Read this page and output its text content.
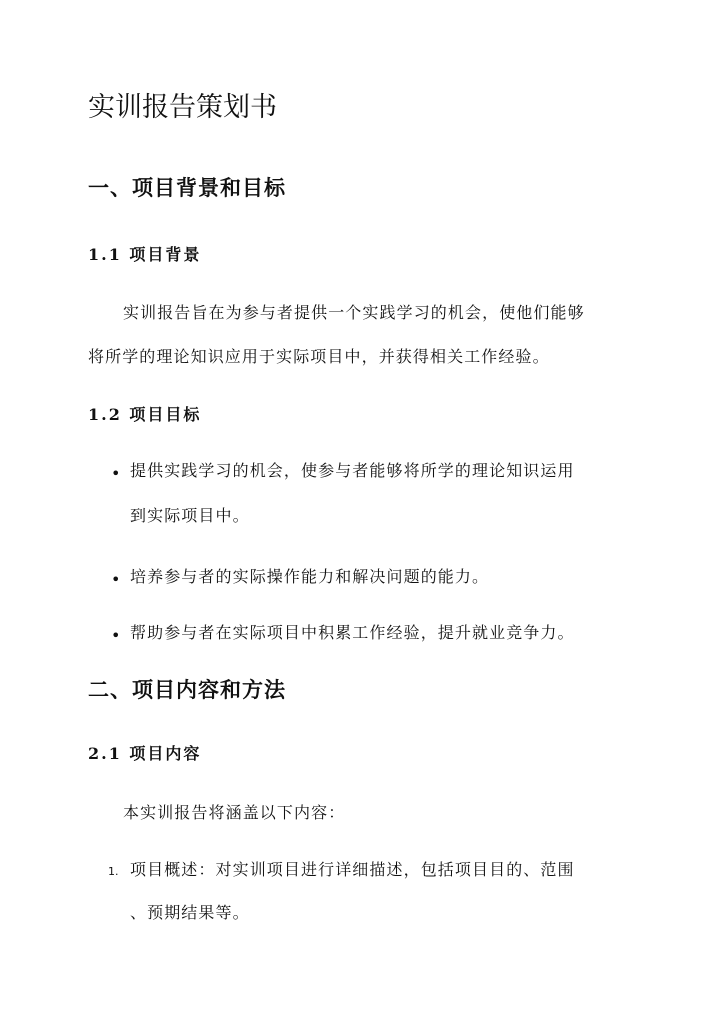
实训报告策划书
一、项目背景和目标
1.1 项目背景
实训报告旨在为参与者提供一个实践学习的机会，使他们能够
将所学的理论知识应用于实际项目中，并获得相关工作经验。
1.2 项目目标
• 提供实践学习的机会，使参与者能够将所学的理论知识运用
到实际项目中。
• 培养参与者的实际操作能力和解决问题的能力。
• 帮助参与者在实际项目中积累工作经验，提升就业竞争力。
二、项目内容和方法
2.1 项目内容
本实训报告将涵盖以下内容：
1. 项目概述：对实训项目进行详细描述，包括项目目的、范围
、预期结果等。
